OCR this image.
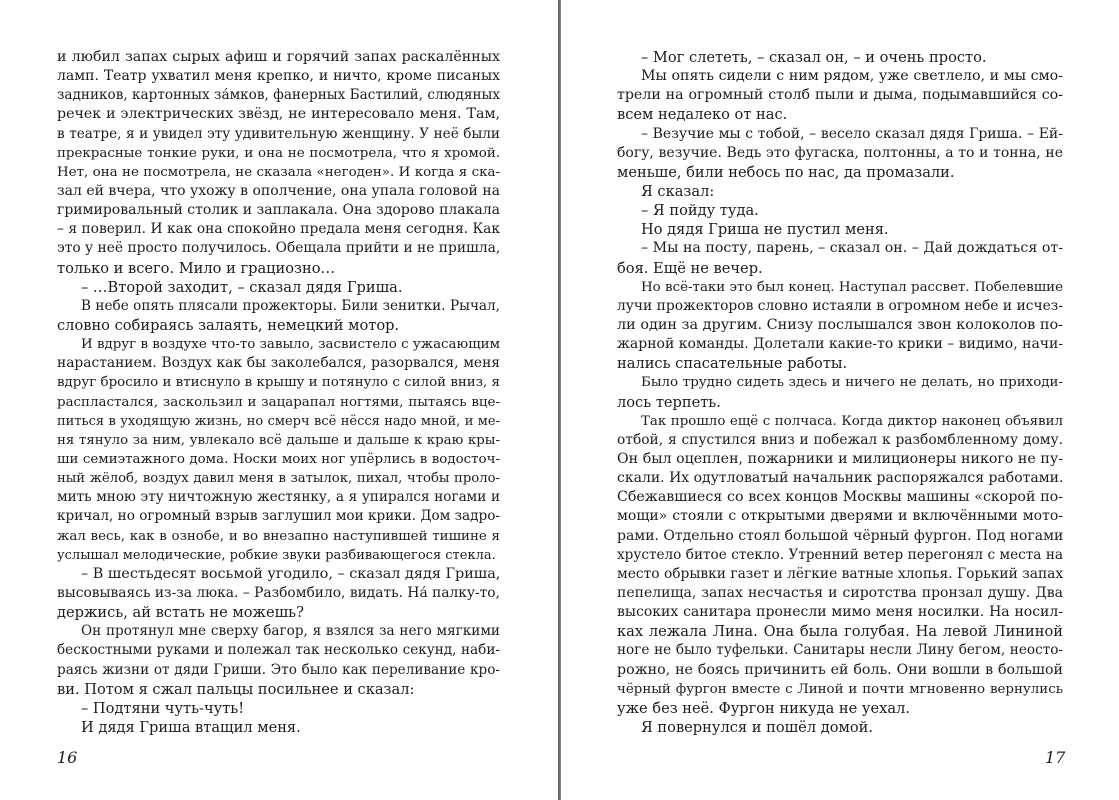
и любил запах сырых афиш и горячий запах раскалённых
ламп. Театр ухватил меня крепко, и ничто, кроме писаных
задников, картонных за́мков, фанерных Бастилий, слюдяных
речек и электрических звёзд, не интересовало меня. Там,
в театре, я и увидел эту удивительную женщину. У неё были
прекрасные тонкие руки, и она не посмотрела, что я хромой.
Нет, она не посмотрела, не сказала «негоден». И когда я ска-
зал ей вчера, что ухожу в ополчение, она упала головой на
гримировальный столик и заплакала. Она здорово плакала
– я поверил. И как она спокойно предала меня сегодня. Как
это у неё просто получилось. Обещала прийти и не пришла,
только и всего. Мило и грациозно…
– …Второй заходит, – сказал дядя Гриша.
В небе опять плясали прожекторы. Били зенитки. Рычал,
словно собираясь залаять, немецкий мотор.
И вдруг в воздухе что-то завыло, засвистело с ужасающим
нарастанием. Воздух как бы заколебался, разорвался, меня
вдруг бросило и втиснуло в крышу и потянуло с силой вниз, я
распластался, заскользил и зацарапал ногтями, пытаясь вце-
питься в уходящую жизнь, но смерч всё нёсся надо мной, и ме-
ня тянуло за ним, увлекало всё дальше и дальше к краю кры-
ши семиэтажного дома. Носки моих ног упёрлись в водосточ-
ный жёлоб, воздух давил меня в затылок, пихал, чтобы проло-
мить мною эту ничтожную жестянку, а я упирался ногами и
кричал, но огромный взрыв заглушил мои крики. Дом задро-
жал весь, как в ознобе, и во внезапно наступившей тишине я
услышал мелодические, робкие звуки разбивающегося стекла.
– В шестьдесят восьмой угодило, – сказал дядя Гриша,
высовываясь из-за люка. – Разбомбило, видать. На́ палку-то,
держись, ай встать не можешь?
Он протянул мне сверху багор, я взялся за него мягкими
бескостными руками и полежал так несколько секунд, наби-
раясь жизни от дяди Гриши. Это было как переливание кро-
ви. Потом я сжал пальцы посильнее и сказал:
– Подтяни чуть-чуть!
И дядя Гриша втащил меня.
– Мог слететь, – сказал он, – и очень просто.
Мы опять сидели с ним рядом, уже светлело, и мы смо-
трели на огромный столб пыли и дыма, подымавшийся со-
всем недалеко от нас.
– Везучие мы с тобой, – весело сказал дядя Гриша. – Ей-
богу, везучие. Ведь это фугаска, полтонны, а то и тонна, не
меньше, били небось по нас, да промазали.
Я сказал:
– Я пойду туда.
Но дядя Гриша не пустил меня.
– Мы на посту, парень, – сказал он. – Дай дождаться от-
боя. Ещё не вечер.
Но всё-таки это был конец. Наступал рассвет. Побелевшие
лучи прожекторов словно истаяли в огромном небе и исчез-
ли один за другим. Снизу послышался звон колоколов по-
жарной команды. Долетали какие-то крики – видимо, начи-
нались спасательные работы.
Было трудно сидеть здесь и ничего не делать, но приходи-
лось терпеть.
Так прошло ещё с полчаса. Когда диктор наконец объявил
отбой, я спустился вниз и побежал к разбомбленному дому.
Он был оцеплен, пожарники и милиционеры никого не пу-
скали. Их одутловатый начальник распоряжался работами.
Сбежавшиеся со всех концов Москвы машины «скорой по-
мощи» стояли с открытыми дверями и включёнными мото-
рами. Отдельно стоял большой чёрный фургон. Под ногами
хрустело битое стекло. Утренний ветер перегонял с места на
место обрывки газет и лёгкие ватные хлопья. Горький запах
пепелища, запах несчастья и сиротства пронзал душу. Два
высоких санитара пронесли мимо меня носилки. На носил-
ках лежала Лина. Она была голубая. На левой Лининой
ноге не было туфельки. Санитары несли Лину бегом, неосто-
рожно, не боясь причинить ей боль. Они вошли в большой
чёрный фургон вместе с Линой и почти мгновенно вернулись
уже без неё. Фургон никуда не уехал.
Я повернулся и пошёл домой.
16	17
